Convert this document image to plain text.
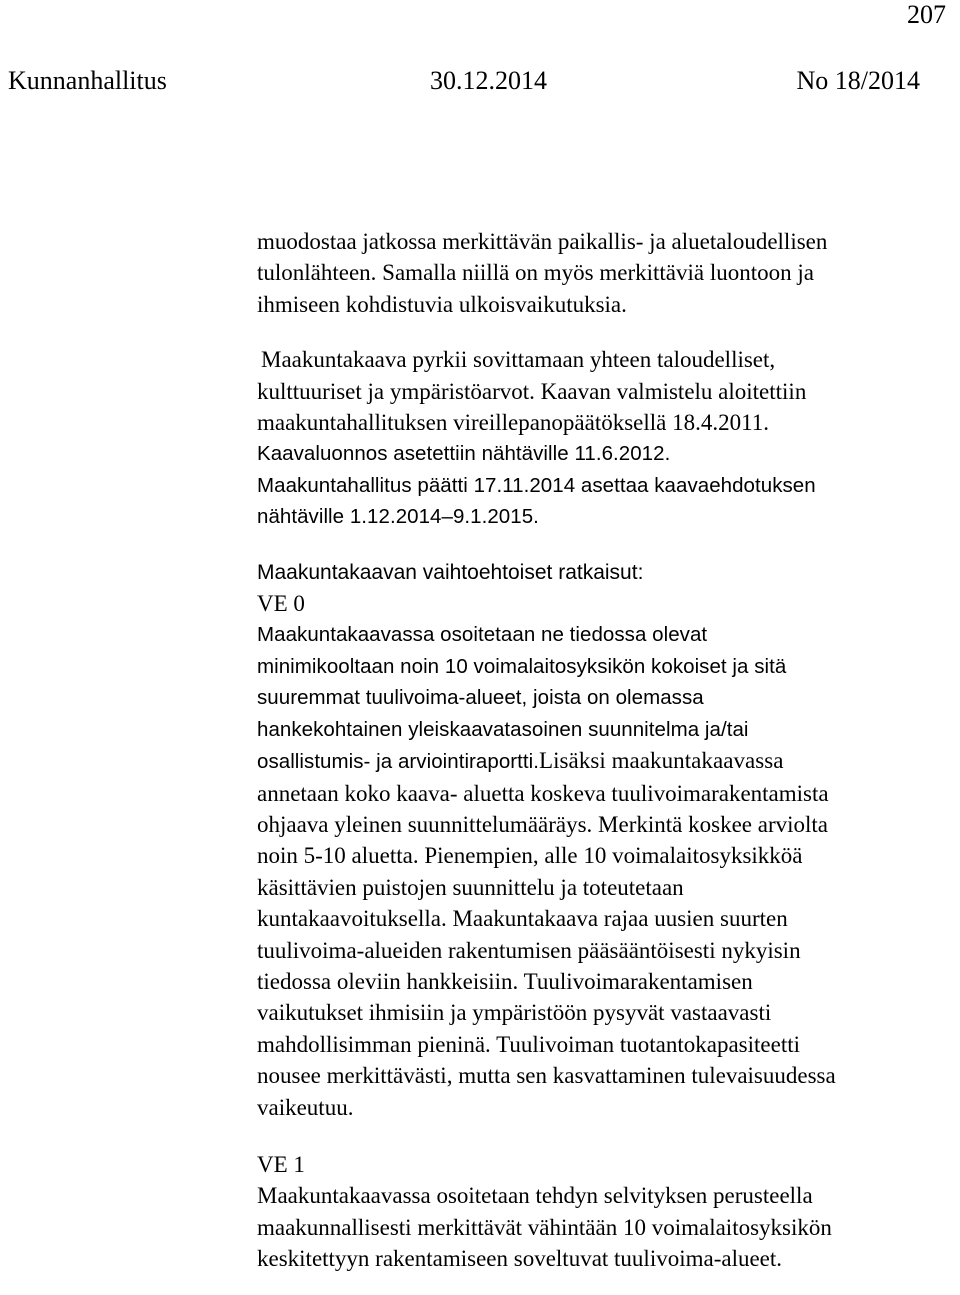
207
Kunnanhallitus	30.12.2014	No 18/2014
muodostaa jatkossa merkittävän paikallis- ja aluetaloudellisen
tulonlähteen. Samalla niillä on myös merkittäviä luontoon ja
ihmiseen kohdistuvia ulkoisvaikutuksia.
Maakuntakaava pyrkii sovittamaan yhteen taloudelliset,
kulttuuriset ja ympäristöarvot. Kaavan valmistelu aloitettiin
maakuntahallituksen vireillepanopäätöksellä 18.4.2011.
Kaavaluonnos asetettiin nähtäville 11.6.2012.
Maakuntahallitus päätti 17.11.2014 asettaa kaavaehdotuksen
nähtäville 1.12.2014–9.1.2015.
Maakuntakaavan vaihtoehtoiset ratkaisut:
VE 0
Maakuntakaavassa osoitetaan ne tiedossa olevat
minimikooltaan noin 10 voimalaitosyksikön kokoiset ja sitä
suuremmat tuulivoima-alueet, joista on olemassa
hankekohtainen yleiskaavatasoinen suunnitelma ja/tai
osallistumis- ja arviointiraportti.Lisäksi maakuntakaavassa
annetaan koko kaava- aluetta koskeva tuulivoimarakentamista
ohjaava yleinen suunnittelumääräys. Merkintä koskee arviolta
noin 5-10 aluetta. Pienempien, alle 10 voimalaitosyksikköä
käsittävien puistojen suunnittelu ja toteutetaan
kuntakaavoituksella. Maakuntakaava rajaa uusien suurten
tuulivoima-alueiden rakentumisen pääsääntöisesti nykyisin
tiedossa oleviin hankkeisiin. Tuulivoimarakentamisen
vaikutukset ihmisiin ja ympäristöön pysyvät vastaavasti
mahdollisimman pieninä. Tuulivoiman tuotantokapasiteetti
nousee merkittävästi, mutta sen kasvattaminen tulevaisuudessa
vaikeutuu.
VE 1
Maakuntakaavassa osoitetaan tehdyn selvityksen perusteella
maakunnallisesti merkittävät vähintään 10 voimalaitosyksikön
keskitettyyn rakentamiseen soveltuvat tuulivoima-alueet.
